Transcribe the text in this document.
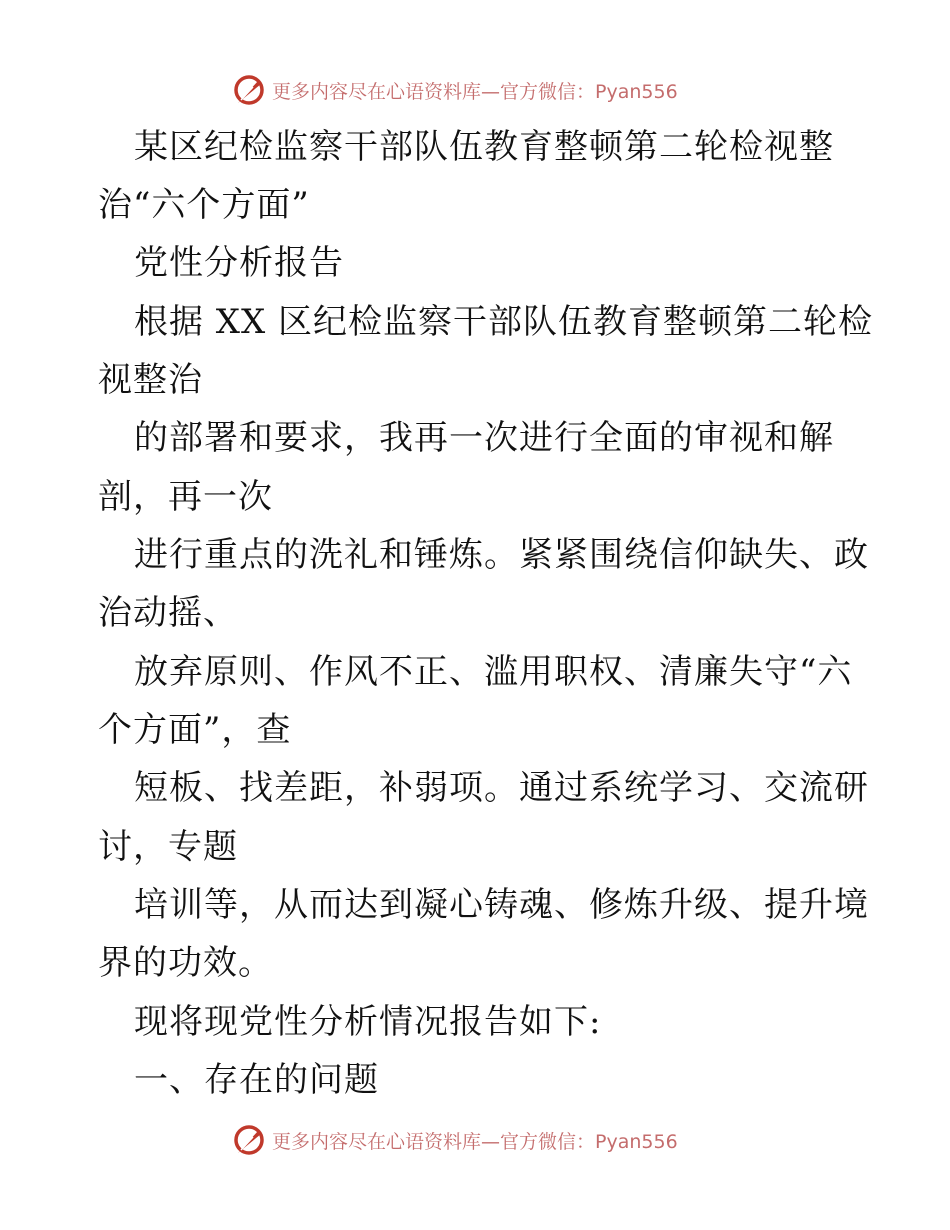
更多内容尽在心语资料库—官方微信：Pyan556
某区纪检监察干部队伍教育整顿第二轮检视整
治“六个方面”
党性分析报告
根据 XX 区纪检监察干部队伍教育整顿第二轮检
视整治
的部署和要求，我再一次进行全面的审视和解
剖，再一次
进行重点的洗礼和锤炼。紧紧围绕信仰缺失、政
治动摇、
放弃原则、作风不正、滥用职权、清廉失守“六
个方面”，查
短板、找差距，补弱项。通过系统学习、交流研
讨，专题
培训等，从而达到凝心铸魂、修炼升级、提升境
界的功效。
现将现党性分析情况报告如下:
一、存在的问题
更多内容尽在心语资料库—官方微信：Pyan556
